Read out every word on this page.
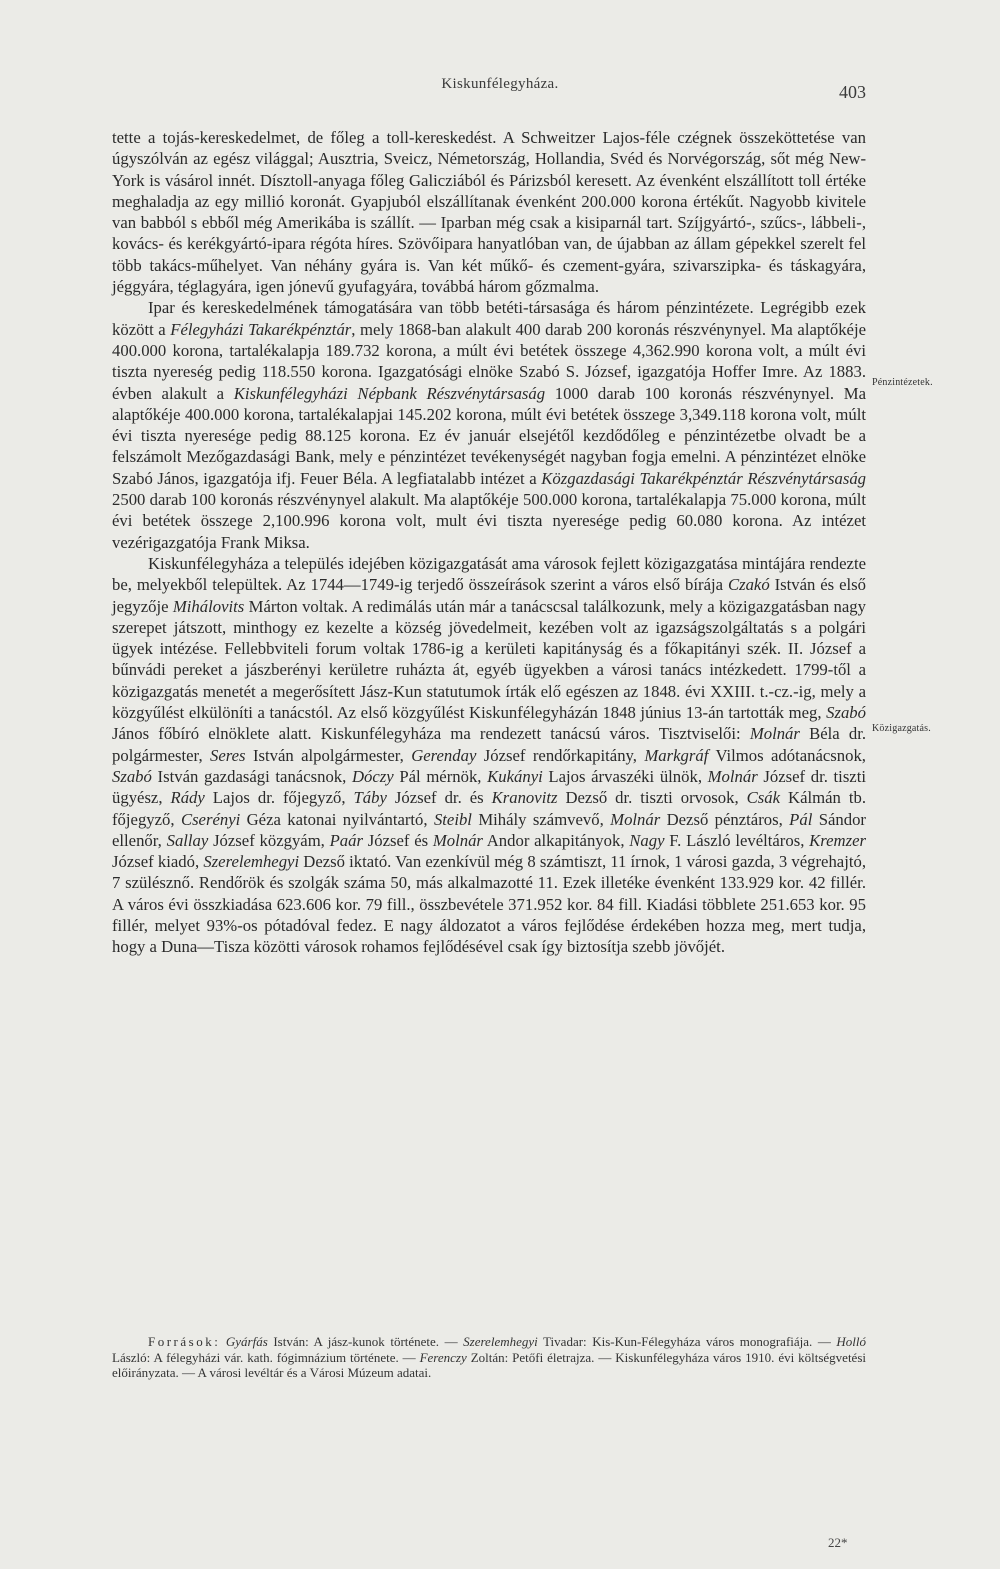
Kiskunfélegyháza.	403

tette a tojás-kereskedelmet, de főleg a toll-kereskedést. A Schweitzer Lajos-féle czégnek összeköttetése van úgyszólván az egész világgal; Ausztria, Sveicz, Németország, Hollandia, Svéd és Norvégország, sőt még New-York is vásárol innét. Dísztoll-anyaga főleg Galicziából és Párizsból keresett. Az évenként elszállított toll értéke meghaladja az egy millió koronát. Gyapjuból elszállítanak évenként 200.000 korona értékűt. Nagyobb kivitele van babból s ebből még Amerikába is szállít. — Iparban még csak a kisiparnál tart. Szíjgyártó-, szűcs-, lábbeli-, kovács- és kerékgyártó-ipara régóta híres. Szövőipara hanyatlóban van, de újabban az állam gépekkel szerelt fel több takács-műhelyet. Van néhány gyára is. Van két műkő- és czement-gyára, szivarszipka- és táskagyára, jéggyára, téglagyára, igen jónevű gyufagyára, továbbá három gőzmalma.

Ipar és kereskedelmének támogatására van több betéti-társasága és három pénzintézete. Legrégibb ezek között a Félegyházi Takarékpénztár, mely 1868-ban alakult 400 darab 200 koronás részvénynyel. Ma alaptőkéje 400.000 korona, tartalékalapja 189.732 korona, a múlt évi betétek összege 4,362.990 korona volt, a múlt évi tiszta nyereség pedig 118.550 korona. Igazgatósági elnöke Szabó S. József, igazgatója Hoffer Imre. Az 1883. évben alakult a Kiskunfélegyházi Népbank Részvénytársaság 1000 darab 100 koronás részvénynyel. Ma alaptőkéje 400.000 korona, tartalékalapjai 145.202 korona, múlt évi betétek összege 3,349.118 korona volt, múlt évi tiszta nyeresége pedig 88.125 korona. Ez év január elsejétől kezdődőleg e pénzintézetbe olvadt be a felszámolt Mezőgazdasági Bank, mely e pénzintézet tevékenységét nagyban fogja emelni. A pénzintézet elnöke Szabó János, igazgatója ifj. Feuer Béla. A legfiatalabb intézet a Közgazdasági Takarékpénztár Részvénytársaság 2500 darab 100 koronás részvénynyel alakult. Ma alaptőkéje 500.000 korona, tartalékalapja 75.000 korona, múlt évi betétek összege 2,100.996 korona volt, mult évi tiszta nyeresége pedig 60.080 korona. Az intézet vezérigazgatója Frank Miksa.

Kiskunfélegyháza a település idejében közigazgatását ama városok fejlett közigazgatása mintájára rendezte be, melyekből települtek. Az 1744—1749-ig terjedő összeírások szerint a város első bírája Czakó István és első jegyzője Mihálovits Márton voltak. A redimálás után már a tanácscsal találkozunk, mely a közigazgatásban nagy szerepet játszott, minthogy ez kezelte a község jövedelmeit, kezében volt az igazságszolgáltatás s a polgári ügyek intézése. Fellebbviteli forum voltak 1786-ig a kerületi kapitányság és a főkapitányi szék. II. József a bűnvádi pereket a jászberényi kerületre ruházta át, egyéb ügyekben a városi tanács intézkedett. 1799-től a közigazgatás menetét a megerősített Jász-Kun statutumok írták elő egészen az 1848. évi XXIII. t.-cz.-ig, mely a közgyűlést elkülöníti a tanácstól. Az első közgyűlést Kiskunfélegyházán 1848 június 13-án tartották meg, Szabó János főbíró elnöklete alatt. Kiskunfélegyháza ma rendezett tanácsú város. Tisztviselői: Molnár Béla dr. polgármester, Seres István alpolgármester, Gerenday József rendőrkapitány, Markgráf Vilmos adótanácsnok, Szabó István gazdasági tanácsnok, Dóczy Pál mérnök, Kukányi Lajos árvaszéki ülnök, Molnár József dr. tiszti ügyész, Rády Lajos dr. főjegyző, Táby József dr. és Kranovitz Dezső dr. tiszti orvosok, Csák Kálmán tb. főjegyző, Cserényi Géza katonai nyilvántartó, Steibl Mihály számvevő, Molnár Dezső pénztáros, Pál Sándor ellenőr, Sallay József közgyám, Paár József és Molnár Andor alkapitányok, Nagy F. László levéltáros, Kremzer József kiadó, Szerelemhegyi Dezső iktató. Van ezenkívül még 8 számtiszt, 11 írnok, 1 városi gazda, 3 végrehajtó, 7 szülésznő. Rendőrök és szolgák száma 50, más alkalmazotté 11. Ezek illetéke évenként 133.929 kor. 42 fillér. A város évi összkiadása 623.606 kor. 79 fill., összbevétele 371.952 kor. 84 fill. Kiadási többlete 251.653 kor. 95 fillér, melyet 93%-os pótadóval fedez. E nagy áldozatot a város fejlődése érdekében hozza meg, mert tudja, hogy a Duna—Tisza közötti városok rohamos fejlődésével csak így biztosítja szebb jövőjét.

Pénzintézetek.
Közigazgatás.
Források: Gyárfás István: A jász-kunok története. — Szerelemhegyi Tivadar: Kis-Kun-Félegyháza város monografiája. — Holló László: A félegyházi vár. kath. fógimnázium története. — Ferenczy Zoltán: Petőfi életrajza. — Kiskunfélegyháza város 1910. évi költségvetési előirányzata. — A városi levéltár és a Városi Múzeum adatai.
22*
